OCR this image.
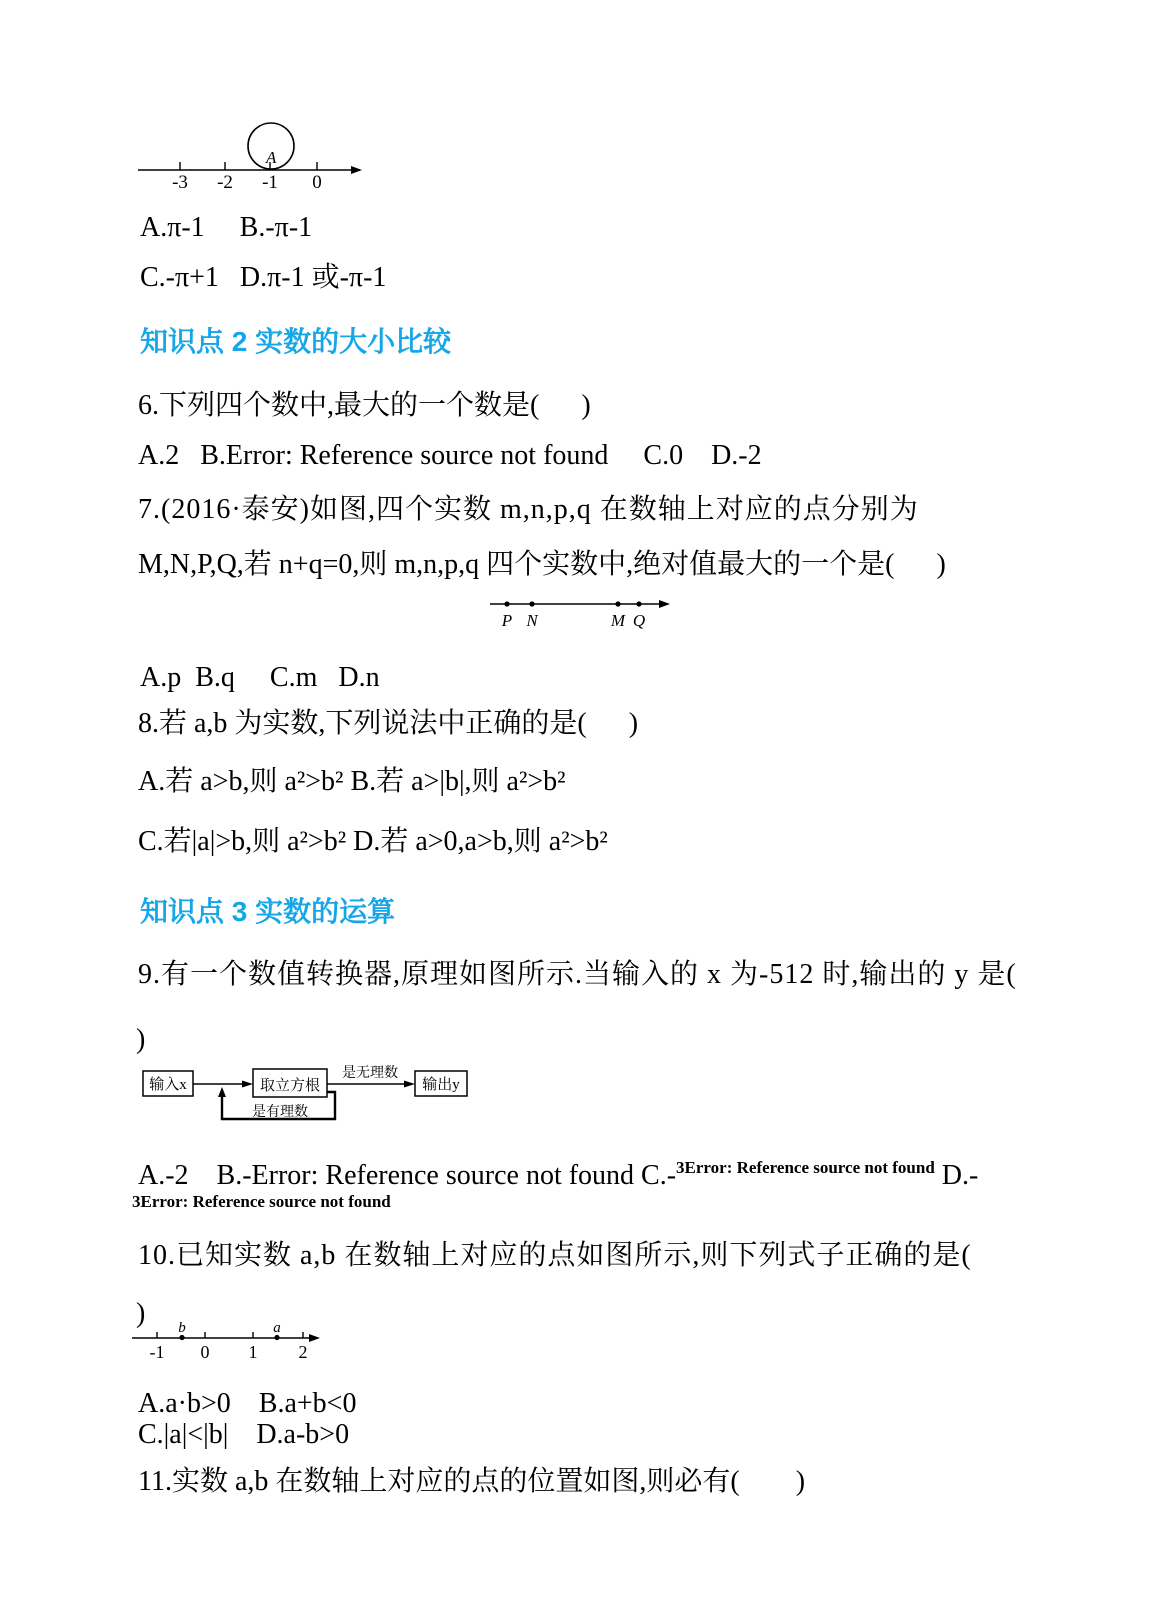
A
-3 -2 -1 0
A.π-1     B.-π-1
C.-π+1   D.π-1 或-π-1
知识点 2 实数的大小比较
6.下列四个数中,最大的一个数是(      )
A.2   B.Error: Reference source not found     C.0    D.-2
7.(2016·泰安)如图,四个实数 m,n,p,q 在数轴上对应的点分别为
M,N,P,Q,若 n+q=0,则 m,n,p,q 四个实数中,绝对值最大的一个是(      )
P N	M Q
A.p  B.q     C.m   D.n
8.若 a,b 为实数,下列说法中正确的是(      )
A.若 a>b,则 a²>b² B.若 a>|b|,则 a²>b²
C.若|a|>b,则 a²>b² D.若 a>0,a>b,则 a²>b²
知识点 3 实数的运算
9.有一个数值转换器,原理如图所示.当输入的 x 为-512 时,输出的 y 是(
)
输入x	取立方根	输出y
是无理数
是有理数
A.-2    B.-Error: Reference source not found C.-$^{3Error: Reference source not found}$ D.-
3Error: Reference source not found
10.已知实数 a,b 在数轴上对应的点如图所示,则下列式子正确的是(
) b	a
-1 0 1 2
A.a·b>0    B.a+b<0
C.|a|<|b|    D.a-b>0
11.实数 a,b 在数轴上对应的点的位置如图,则必有(        )
